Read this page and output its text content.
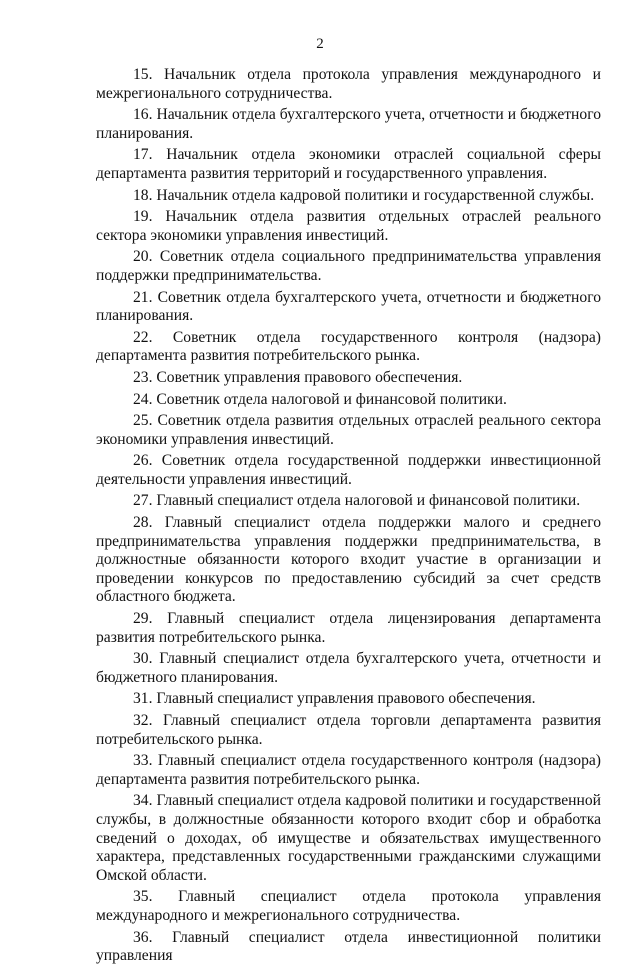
2

15. Начальник отдела протокола управления международного и межрегионального сотрудничества.

16. Начальник отдела бухгалтерского учета, отчетности и бюджетного планирования.

17. Начальник отдела экономики отраслей социальной сферы департамента развития территорий и государственного управления.

18. Начальник отдела кадровой политики и государственной службы.

19. Начальник отдела развития отдельных отраслей реального сектора экономики управления инвестиций.

20. Советник отдела социального предпринимательства управления поддержки предпринимательства.

21. Советник отдела бухгалтерского учета, отчетности и бюджетного планирования.

22. Советник отдела государственного контроля (надзора) департамента развития потребительского рынка.

23. Советник управления правового обеспечения.

24. Советник отдела налоговой и финансовой политики.

25. Советник отдела развития отдельных отраслей реального сектора экономики управления инвестиций.

26. Советник отдела государственной поддержки инвестиционной деятельности управления инвестиций.

27. Главный специалист отдела налоговой и финансовой политики.

28. Главный специалист отдела поддержки малого и среднего предпринимательства управления поддержки предпринимательства, в должностные обязанности которого входит участие в организации и проведении конкурсов по предоставлению субсидий за счет средств областного бюджета.

29. Главный специалист отдела лицензирования департамента развития потребительского рынка.

30. Главный специалист отдела бухгалтерского учета, отчетности и бюджетного планирования.

31. Главный специалист управления правового обеспечения.

32. Главный специалист отдела торговли департамента развития потребительского рынка.

33. Главный специалист отдела государственного контроля (надзора) департамента развития потребительского рынка.

34. Главный специалист отдела кадровой политики и государственной службы, в должностные обязанности которого входит сбор и обработка сведений о доходах, об имуществе и обязательствах имущественного характера, представленных государственными гражданскими служащими Омской области.

35. Главный специалист отдела протокола управления международного и межрегионального сотрудничества.

36. Главный специалист отдела инвестиционной политики управления
